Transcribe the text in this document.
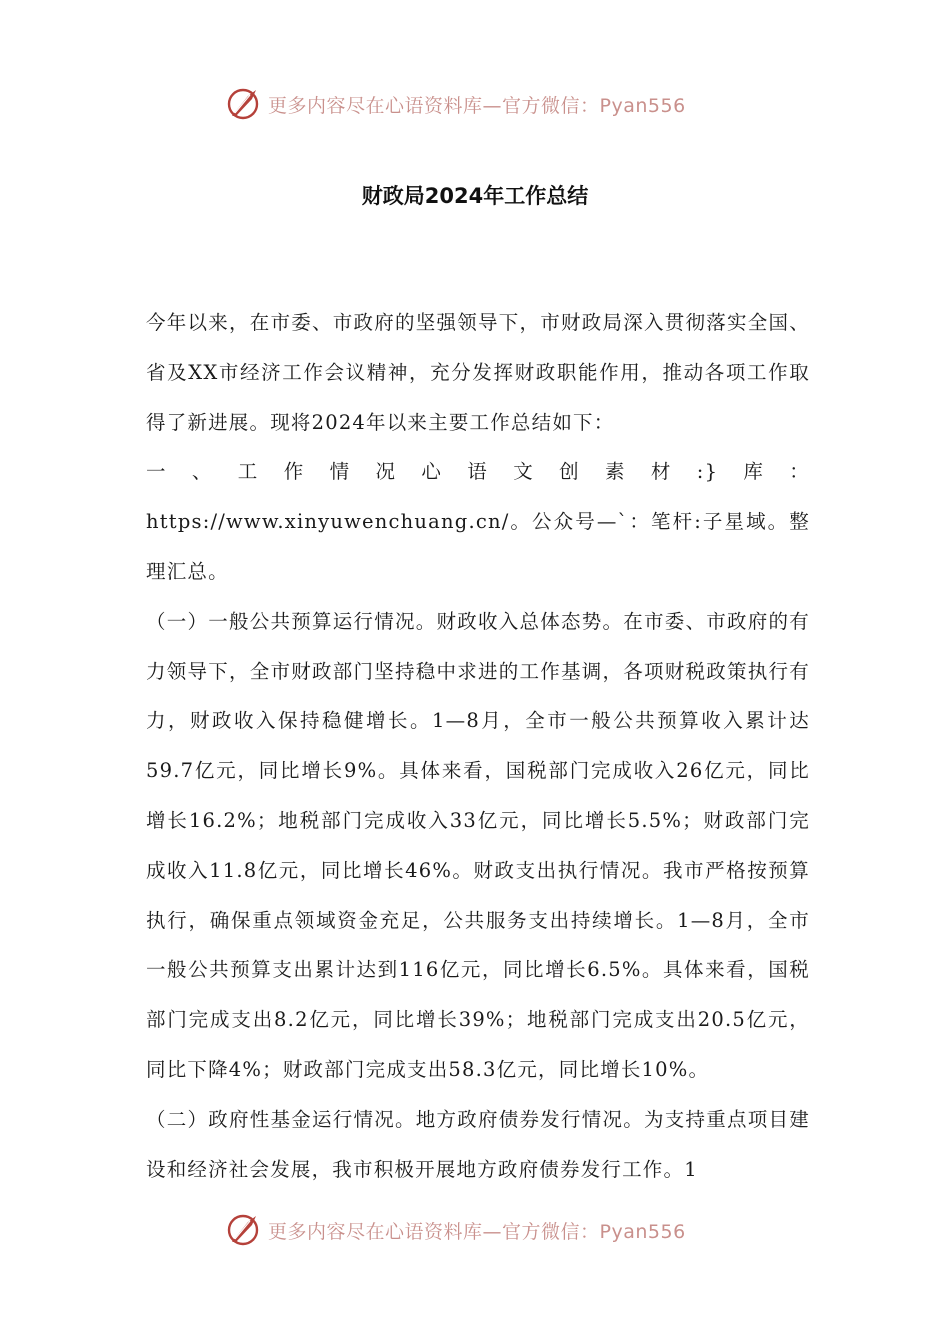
更多内容尽在心语资料库—官方微信：Pyan556
财政局2024年工作总结

今年以来，在市委、市政府的坚强领导下，市财政局深入贯彻落实全国、省及XX市经济工作会议精神，充分发挥财政职能作用，推动各项工作取得了新进展。现将2024年以来主要工作总结如下：

一、工作情况心语文创素材:}库：https://www.xinyuwenchuang.cn/。公众号—`：笔杆:子星域。整理汇总。

（一）一般公共预算运行情况。财政收入总体态势。在市委、市政府的有力领导下，全市财政部门坚持稳中求进的工作基调，各项财税政策执行有力，财政收入保持稳健增长。1—8月，全市一般公共预算收入累计达59.7亿元，同比增长9%。具体来看，国税部门完成收入26亿元，同比增长16.2%；地税部门完成收入33亿元，同比增长5.5%；财政部门完成收入11.8亿元，同比增长46%。财政支出执行情况。我市严格按预算执行，确保重点领域资金充足，公共服务支出持续增长。1—8月，全市一般公共预算支出累计达到116亿元，同比增长6.5%。具体来看，国税部门完成支出8.2亿元，同比增长39%；地税部门完成支出20.5亿元，同比下降4%；财政部门完成支出58.3亿元，同比增长10%。

（二）政府性基金运行情况。地方政府债券发行情况。为支持重点项目建设和经济社会发展，我市积极开展地方政府债券发行工作。1

更多内容尽在心语资料库—官方微信：Pyan556
